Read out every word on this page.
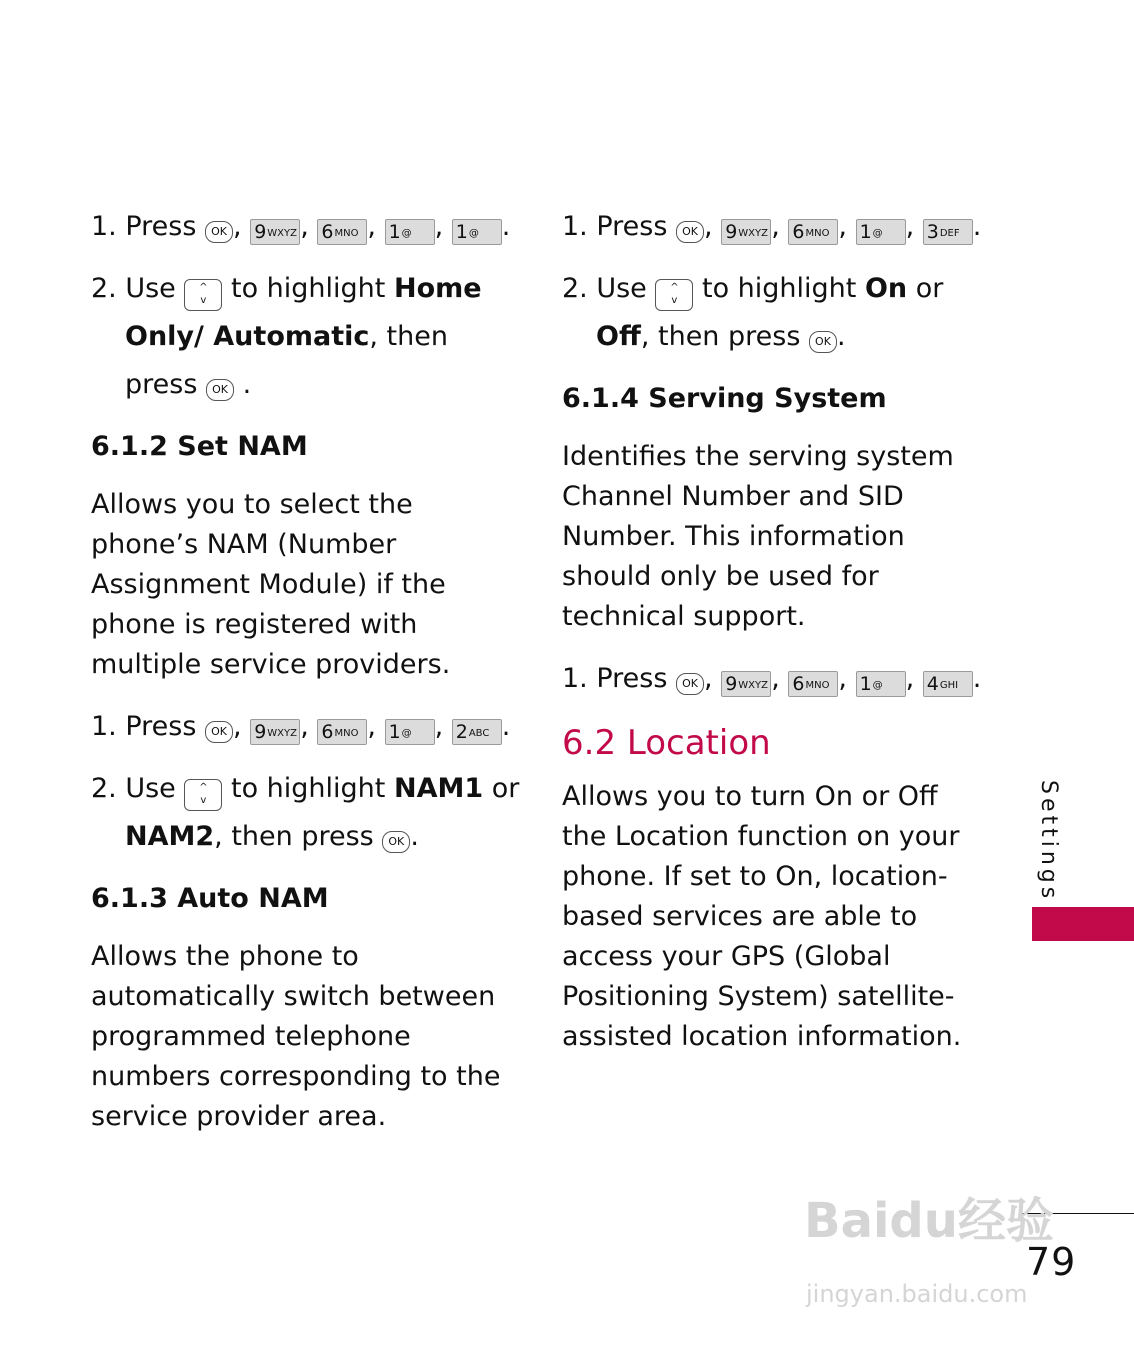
1. Press OK , 9WXYZ , 6MNO , 1@ , 1@ .

2. Use ^
v to highlight Home Only/ Automatic, then press OK .

6.1.2 Set NAM

Allows you to select the phone’s NAM (Number Assignment Module) if the phone is registered with multiple service providers.

1. Press OK , 9WXYZ , 6MNO , 1@ , 2ABC .

2. Use ^
v to highlight NAM1 or NAM2, then press OK .

6.1.3 Auto NAM

Allows the phone to automatically switch between programmed telephone numbers corresponding to the service provider area.

1. Press OK , 9WXYZ , 6MNO , 1@ , 3DEF .

2. Use ^
v to highlight On or Off, then press OK .

6.1.4 Serving System

Identifies the serving system Channel Number and SID Number. This information should only be used for technical support.

1. Press OK , 9WXYZ , 6MNO , 1@ , 4GHI .

6.2 Location

Allows you to turn On or Off the Location function on your phone. If set to On, location-based services are able to access your GPS (Global Positioning System) satellite-assisted location information.

Settings
Baidu经验
jingyan.baidu.com
79
